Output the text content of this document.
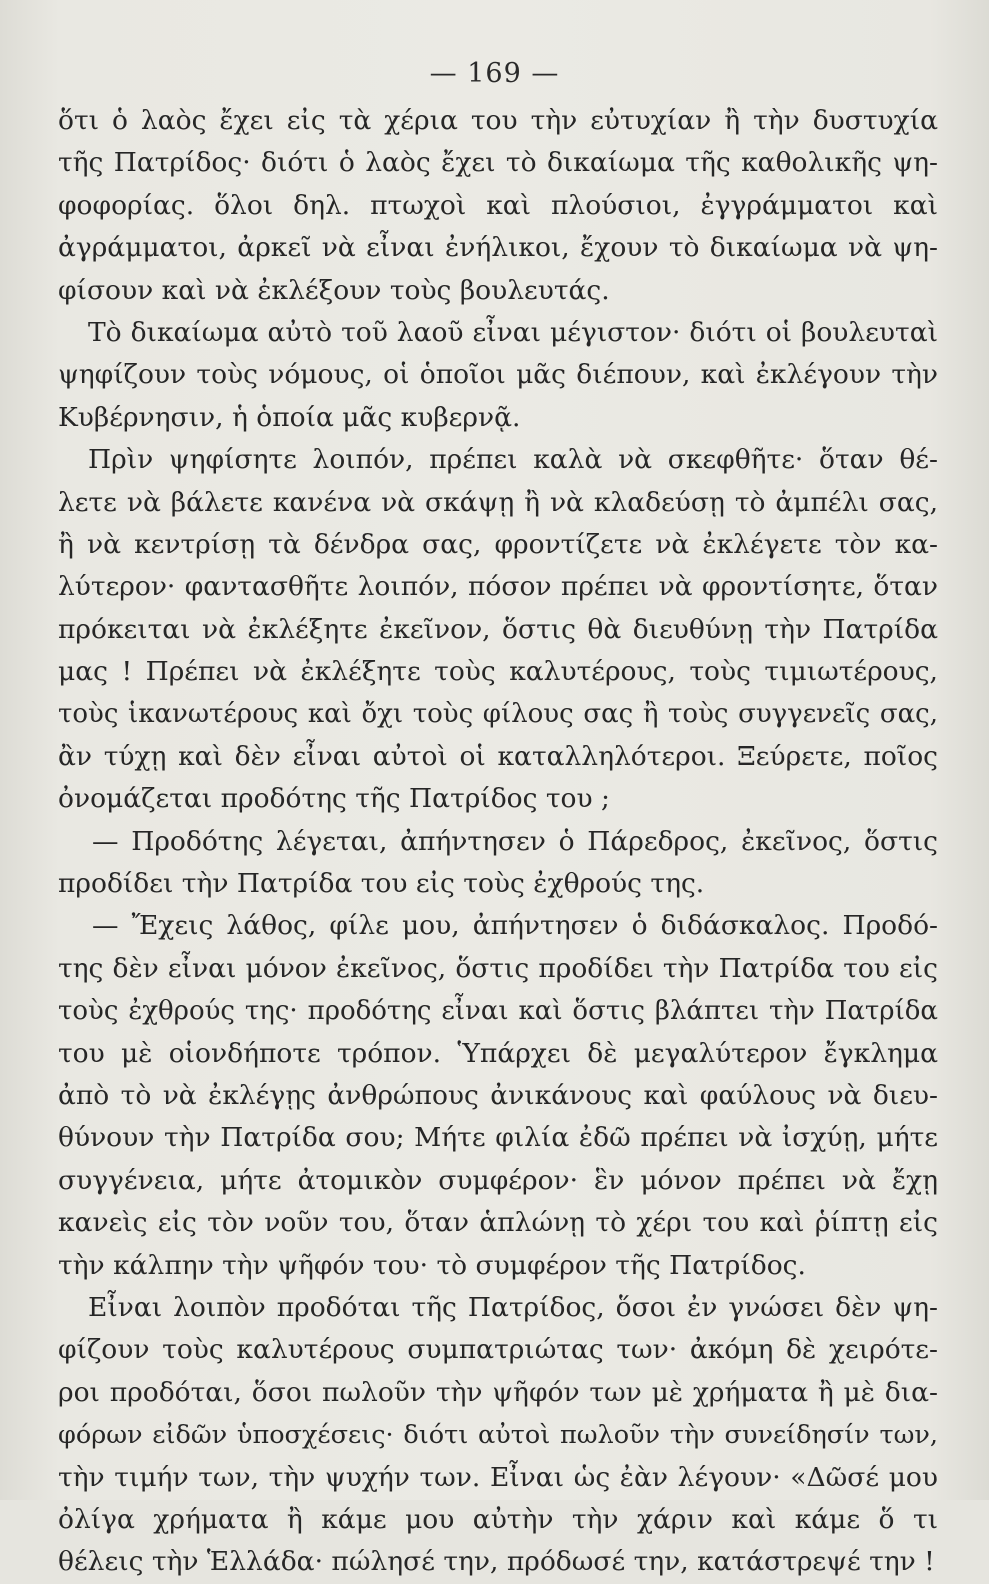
— 169 —
ὅτι ὁ λαὸς ἔχει εἰς τὰ χέρια του τὴν εὐτυχίαν ἢ τὴν δυστυχία
τῆς Πατρίδος· διότι ὁ λαὸς ἔχει τὸ δικαίωμα τῆς καθολικῆς ψη-
φοφορίας. ὅλοι δηλ. πτωχοὶ καὶ πλούσιοι, ἐγγράμματοι καὶ
ἀγράμματοι, ἀρκεῖ νὰ εἶναι ἐνήλικοι, ἔχουν τὸ δικαίωμα νὰ ψη-
φίσουν καὶ νὰ ἐκλέξουν τοὺς βουλευτάς.
Τὸ δικαίωμα αὐτὸ τοῦ λαοῦ εἶναι μέγιστον· διότι οἱ βουλευταὶ
ψηφίζουν τοὺς νόμους, οἱ ὁποῖοι μᾶς διέπουν, καὶ ἐκλέγουν τὴν
Κυβέρνησιν, ἡ ὁποία μᾶς κυβερνᾷ.
Πρὶν ψηφίσητε λοιπόν, πρέπει καλὰ νὰ σκεφθῆτε· ὅταν θέ-
λετε νὰ βάλετε κανένα νὰ σκάψῃ ἢ νὰ κλαδεύσῃ τὸ ἀμπέλι σας,
ἢ νὰ κεντρίσῃ τὰ δένδρα σας, φροντίζετε νὰ ἐκλέγετε τὸν κα-
λύτερον· φαντασθῆτε λοιπόν, πόσον πρέπει νὰ φροντίσητε, ὅταν
πρόκειται νὰ ἐκλέξητε ἐκεῖνον, ὅστις θὰ διευθύνῃ τὴν Πατρίδα
μας ! Πρέπει νὰ ἐκλέξητε τοὺς καλυτέρους, τοὺς τιμιωτέρους,
τοὺς ἱκανωτέρους καὶ ὄχι τοὺς φίλους σας ἢ τοὺς συγγενεῖς σας,
ἂν τύχῃ καὶ δὲν εἶναι αὐτοὶ οἱ καταλληλότεροι. Ξεύρετε, ποῖος
ὀνομάζεται προδότης τῆς Πατρίδος του ;
— Προδότης λέγεται, ἀπήντησεν ὁ Πάρεδρος, ἐκεῖνος, ὅστις
προδίδει τὴν Πατρίδα του εἰς τοὺς ἐχθρούς της.
— Ἔχεις λάθος, φίλε μου, ἀπήντησεν ὁ διδάσκαλος. Προδό-
της δὲν εἶναι μόνον ἐκεῖνος, ὅστις προδίδει τὴν Πατρίδα του εἰς
τοὺς ἐχθρούς της· προδότης εἶναι καὶ ὅστις βλάπτει τὴν Πατρίδα
του μὲ οἱονδήποτε τρόπον. Ὑπάρχει δὲ μεγαλύτερον ἔγκλημα
ἀπὸ τὸ νὰ ἐκλέγῃς ἀνθρώπους ἀνικάνους καὶ φαύλους νὰ διευ-
θύνουν τὴν Πατρίδα σου; Μήτε φιλία ἐδῶ πρέπει νὰ ἰσχύῃ, μήτε
συγγένεια, μήτε ἀτομικὸν συμφέρον· ἓν μόνον πρέπει νὰ ἔχῃ
κανεὶς εἰς τὸν νοῦν του, ὅταν ἁπλώνῃ τὸ χέρι του καὶ ῥίπτῃ εἰς
τὴν κάλπην τὴν ψῆφόν του· τὸ συμφέρον τῆς Πατρίδος.
Εἶναι λοιπὸν προδόται τῆς Πατρίδος, ὅσοι ἐν γνώσει δὲν ψη-
φίζουν τοὺς καλυτέρους συμπατριώτας των· ἀκόμη δὲ χειρότε-
ροι προδόται, ὅσοι πωλοῦν τὴν ψῆφόν των μὲ χρήματα ἢ μὲ δια-
φόρων εἰδῶν ὑποσχέσεις· διότι αὐτοὶ πωλοῦν τὴν συνείδησίν των,
τὴν τιμήν των, τὴν ψυχήν των. Εἶναι ὡς ἐὰν λέγουν· «Δῶσέ μου
ὀλίγα χρήματα ἢ κάμε μου αὐτὴν τὴν χάριν καὶ κάμε ὅ τι
θέλεις τὴν Ἑλλάδα· πώλησέ την, πρόδωσέ την, κατάστρεψέ την !
